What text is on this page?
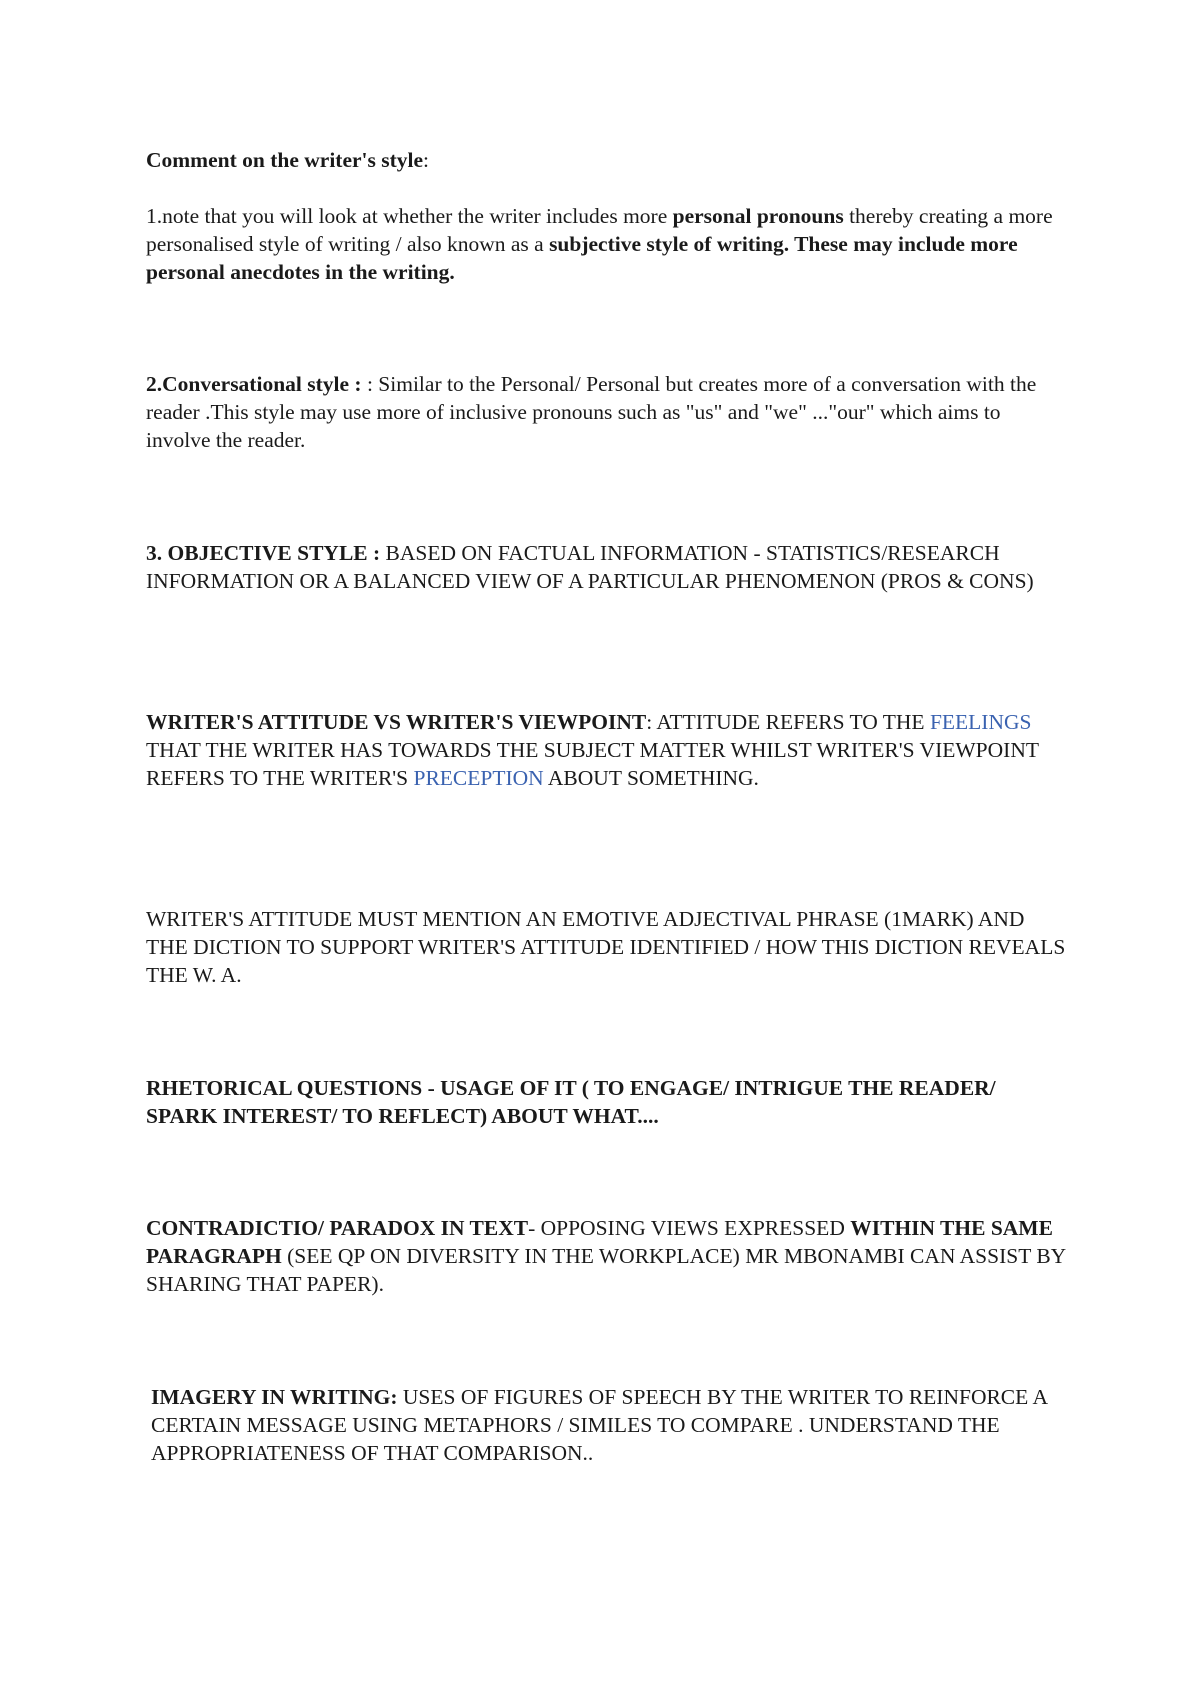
Comment on the writer's style:

1.note that you will look at whether the writer includes more personal pronouns thereby creating a more personalised style of writing / also known as a subjective style of writing. These may include more personal anecdotes in the writing.

2.Conversational style : : Similar to the Personal/ Personal but creates more of a conversation with the reader .This style may use more of inclusive pronouns such as "us" and "we" ..."our" which aims to involve the reader.

3. OBJECTIVE STYLE : BASED ON FACTUAL INFORMATION - STATISTICS/RESEARCH INFORMATION OR A BALANCED VIEW OF A PARTICULAR PHENOMENON (PROS & CONS)

WRITER'S ATTITUDE VS WRITER'S VIEWPOINT: ATTITUDE REFERS TO THE FEELINGS THAT THE WRITER HAS TOWARDS THE SUBJECT MATTER WHILST WRITER'S VIEWPOINT REFERS TO THE WRITER'S PRECEPTION ABOUT SOMETHING.

WRITER'S ATTITUDE MUST MENTION AN EMOTIVE ADJECTIVAL PHRASE (1MARK) AND THE DICTION TO SUPPORT WRITER'S ATTITUDE IDENTIFIED / HOW THIS DICTION REVEALS THE W. A.

RHETORICAL QUESTIONS - USAGE OF IT ( TO ENGAGE/ INTRIGUE THE READER/ SPARK INTEREST/ TO REFLECT) ABOUT WHAT....

CONTRADICTIO/ PARADOX IN TEXT- OPPOSING VIEWS EXPRESSED WITHIN THE SAME PARAGRAPH (SEE QP ON DIVERSITY IN THE WORKPLACE) MR MBONAMBI CAN ASSIST BY SHARING THAT PAPER).

IMAGERY IN WRITING: USES OF FIGURES OF SPEECH BY THE WRITER TO REINFORCE A CERTAIN MESSAGE USING METAPHORS / SIMILES TO COMPARE . UNDERSTAND THE APPROPRIATENESS OF THAT COMPARISON..
